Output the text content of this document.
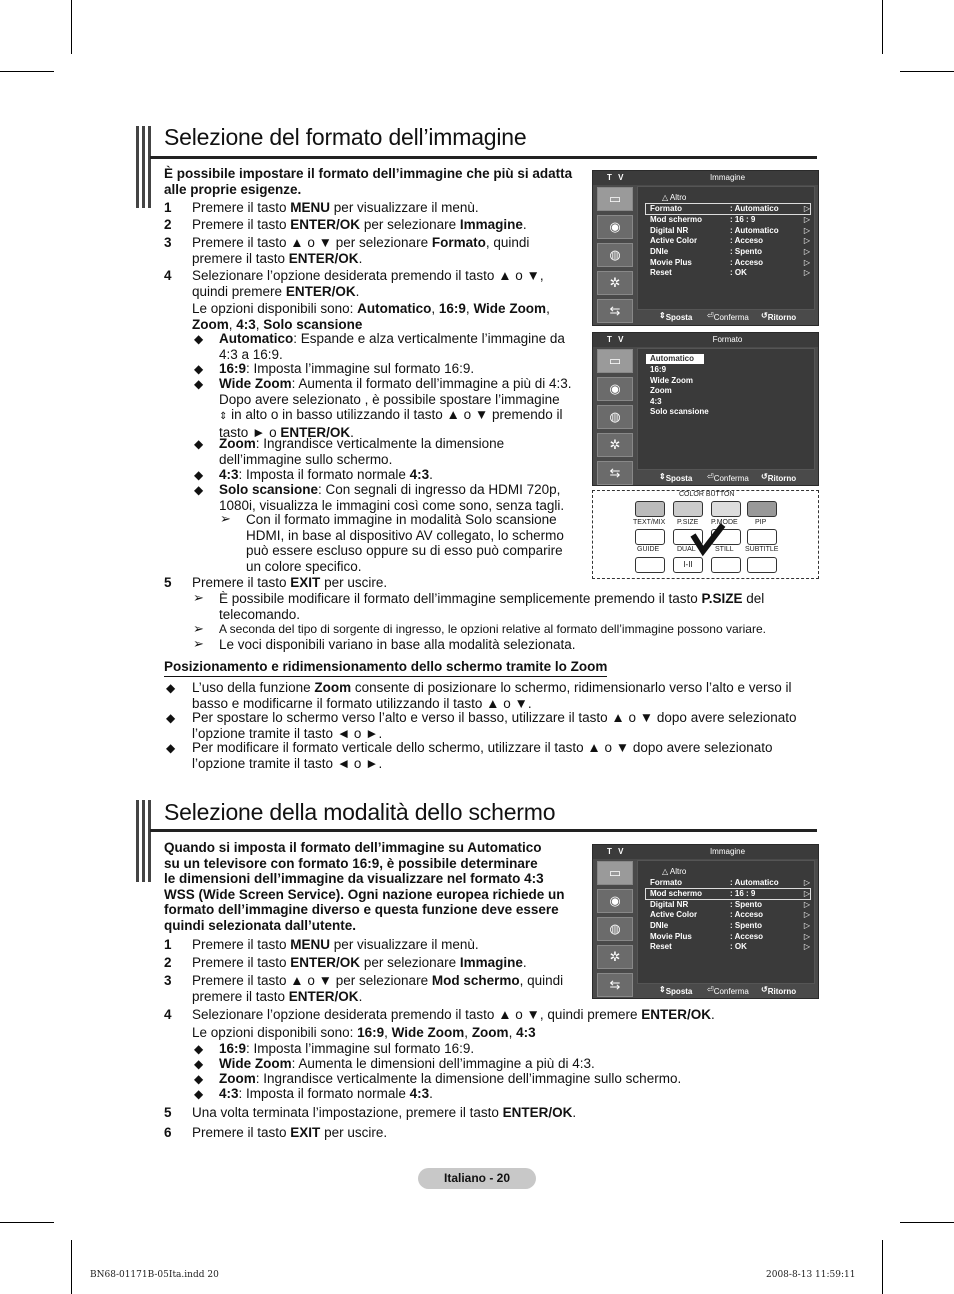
Selezione del formato dell’immagine
È possibile impostare il formato dell’immagine che più si adatta alle proprie esigenze.
1 Premere il tasto MENU per visualizzare il menù.
2 Premere il tasto ENTER/OK per selezionare Immagine.
3 Premere il tasto ▲ o ▼ per selezionare Formato, quindi
premere il tasto ENTER/OK.
4 Selezionare l’opzione desiderata premendo il tasto ▲ o ▼,
quindi premere ENTER/OK.
Le opzioni disponibili sono: Automatico, 16:9, Wide Zoom,
Zoom, 4:3, Solo scansione
◆ Automatico: Espande e alza verticalmente l’immagine da
4:3 a 16:9.
◆ 16:9: Imposta l’immagine sul formato 16:9.
◆ Wide Zoom: Aumenta il formato dell’immagine a più di 4:3.
Dopo avere selezionato , è possibile spostare l’immagine
⇕ in alto o in basso utilizzando il tasto ▲ o ▼ premendo il
tasto ► o ENTER/OK.
◆ Zoom: Ingrandisce verticalmente la dimensione
dell’immagine sullo schermo.
◆ 4:3: Imposta il formato normale 4:3.
◆ Solo scansione: Con segnali di ingresso da HDMI 720p,
1080i, visualizza le immagini così come sono, senza tagli.
➢ Con il formato immagine in modalità Solo scansione
HDMI, in base al dispositivo AV collegato, lo schermo
può essere escluso oppure su di esso può comparire
un colore specifico.
5 Premere il tasto EXIT per uscire.
➢ È possibile modificare il formato dell’immagine semplicemente premendo il tasto P.SIZE del
telecomando.
➢ A seconda del tipo di sorgente di ingresso, le opzioni relative al formato dell’immagine possono variare.
➢ Le voci disponibili variano in base alla modalità selezionata.
Posizionamento e ridimensionamento dello schermo tramite lo Zoom
◆ L’uso della funzione Zoom consente di posizionare lo schermo, ridimensionarlo verso l’alto e verso il
basso e modificarne il formato utilizzando il tasto ▲ o ▼.
◆ Per spostare lo schermo verso l’alto e verso il basso, utilizzare il tasto ▲ o ▼ dopo avere selezionato
l’opzione tramite il tasto ◄ o ►.
◆ Per modificare il formato verticale dello schermo, utilizzare il tasto ▲ o ▼ dopo avere selezionato
l’opzione tramite il tasto ◄ o ►.
Selezione della modalità dello schermo
Quando si imposta il formato dell’immagine su Automatico
su un televisore con formato 16:9, è possibile determinare
le dimensioni dell’immagine da visualizzare nel formato 4:3
WSS (Wide Screen Service). Ogni nazione europea richiede un
formato dell’immagine diverso e questa funzione deve essere
quindi selezionata dall’utente.
1 Premere il tasto MENU per visualizzare il menù.
2 Premere il tasto ENTER/OK per selezionare Immagine.
3 Premere il tasto ▲ o ▼ per selezionare Mod schermo, quindi
premere il tasto ENTER/OK.
4 Selezionare l’opzione desiderata premendo il tasto ▲ o ▼, quindi premere ENTER/OK.
Le opzioni disponibili sono: 16:9, Wide Zoom, Zoom, 4:3
◆ 16:9: Imposta l’immagine sul formato 16:9.
◆ Wide Zoom: Aumenta le dimensioni dell’immagine a più di 4:3.
◆ Zoom: Ingrandisce verticalmente la dimensione dell’immagine sullo schermo.
◆ 4:3: Imposta il formato normale 4:3.
5 Una volta terminata l’impostazione, premere il tasto ENTER/OK.
6 Premere il tasto EXIT per uscire.
T V	Immagine
▭
◉
◍
✲
⇆
△ Altro
Formato	: Automatico	▷
Mod schermo	: 16 : 9	▷
Digital NR	: Automatico	▷
Active Color	: Acceso	▷
DNIe	: Spento	▷
Movie Plus	: Acceso	▷
Reset	: OK	▷
⇕ Sposta ⏎ Conferma ↺ Ritorno
T V	Formato
▭
◉
◍
✲
⇆
Automatico
16:9
Wide Zoom
Zoom
4:3
Solo scansione
⇕ Sposta ⏎ Conferma ↺ Ritorno
COLOR BUTTON
TEXT/MIX P.SIZE P.MODE PIP
GUIDE	DUAL	STILL SUBTITLE
I-II
T V	Immagine
▭
◉
◍
✲
⇆
△ Altro
Formato	: Automatico	▷
Mod schermo	: 16 : 9	▷
Digital NR	: Spento	▷
Active Color	: Acceso	▷
DNIe	: Spento	▷
Movie Plus	: Acceso	▷
Reset	: OK	▷
⇕ Sposta ⏎ Conferma ↺ Ritorno
Italiano - 20
BN68-01171B-05Ita.indd 20	2008-8-13 11:59:11
